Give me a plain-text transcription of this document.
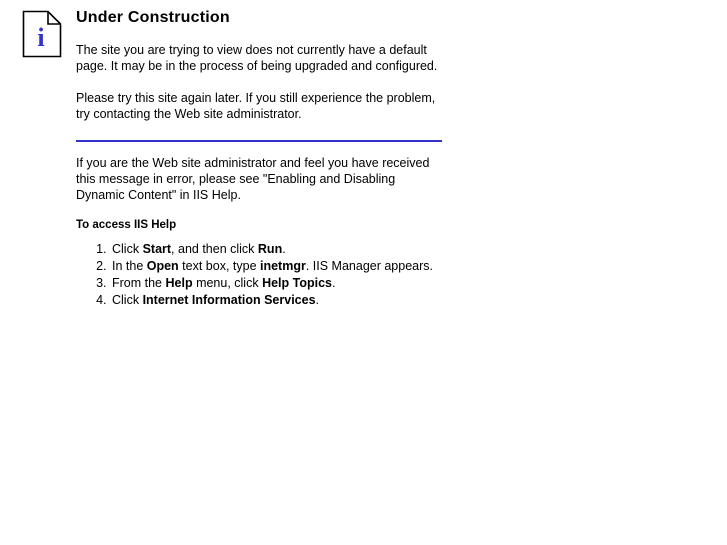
i
Under Construction

The site you are trying to view does not currently have a default page. It may be in the process of being upgraded and configured.

Please try this site again later. If you still experience the problem, try contacting the Web site administrator.

If you are the Web site administrator and feel you have received this message in error, please see "Enabling and Disabling Dynamic Content" in IIS Help.

To access IIS Help
1. Click Start, and then click Run.
2. In the Open text box, type inetmgr. IIS Manager appears.
3. From the Help menu, click Help Topics.
4. Click Internet Information Services.
